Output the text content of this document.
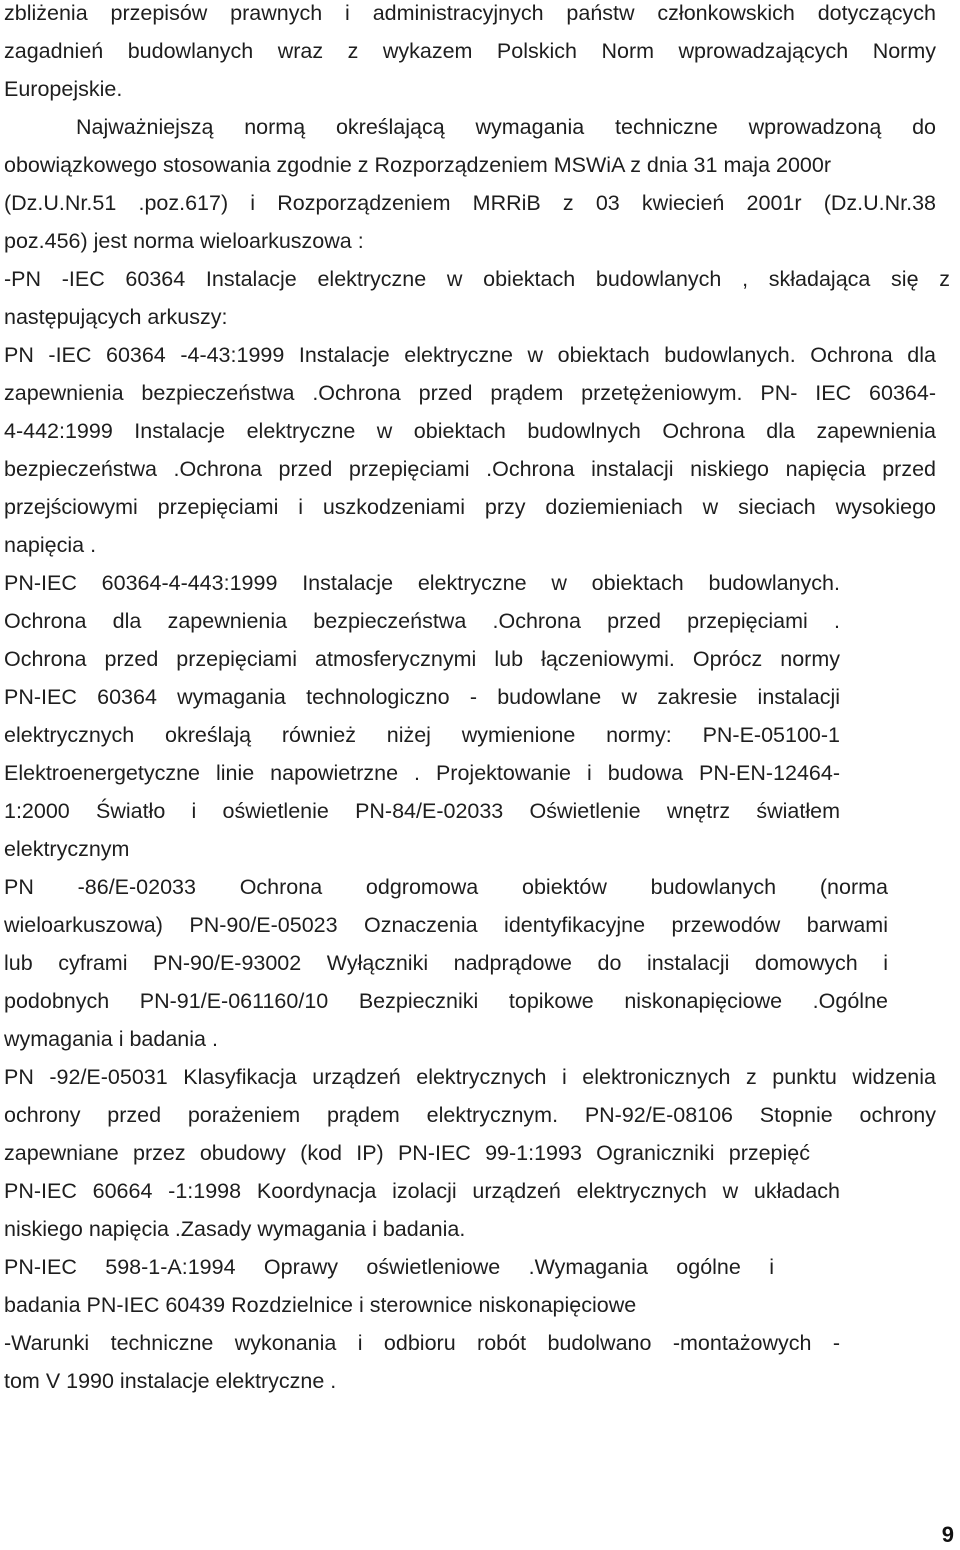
zbliżenia przepisów prawnych i administracyjnych państw członkowskich dotyczących
zagadnień budowlanych wraz z wykazem Polskich Norm wprowadzających Normy
Europejskie.
Najważniejszą normą określającą wymagania techniczne wprowadzoną do
obowiązkowego stosowania zgodnie z Rozporządzeniem MSWiA z dnia 31 maja 2000r
(Dz.U.Nr.51 .poz.617) i Rozporządzeniem MRRiB z 03 kwiecień 2001r (Dz.U.Nr.38
poz.456) jest norma wieloarkuszowa :
-PN -IEC 60364 Instalacje elektryczne w obiektach budowlanych , składająca się z
następujących arkuszy:
PN -IEC 60364 -4-43:1999 Instalacje elektryczne w obiektach budowlanych. Ochrona dla
zapewnienia bezpieczeństwa .Ochrona przed prądem przetężeniowym. PN- IEC 60364-
4-442:1999 Instalacje elektryczne w obiektach budowlnych Ochrona dla zapewnienia
bezpieczeństwa .Ochrona przed przepięciami .Ochrona instalacji niskiego napięcia przed
przejściowymi przepięciami i uszkodzeniami przy doziemieniach w sieciach wysokiego
napięcia .
PN-IEC 60364-4-443:1999 Instalacje elektryczne w obiektach budowlanych.
Ochrona dla zapewnienia bezpieczeństwa .Ochrona przed przepięciami .
Ochrona przed przepięciami atmosferycznymi lub łączeniowymi. Oprócz normy
PN-IEC 60364 wymagania technologiczno - budowlane w zakresie instalacji
elektrycznych określają również niżej wymienione normy: PN-E-05100-1
Elektroenergetyczne linie napowietrzne . Projektowanie i budowa PN-EN-12464-
1:2000 Światło i oświetlenie PN-84/E-02033 Oświetlenie wnętrz światłem
elektrycznym
PN -86/E-02033 Ochrona odgromowa obiektów budowlanych (norma
wieloarkuszowa) PN-90/E-05023 Oznaczenia identyfikacyjne przewodów barwami
lub cyframi PN-90/E-93002 Wyłączniki nadprądowe do instalacji domowych i
podobnych PN-91/E-061160/10 Bezpieczniki topikowe niskonapięciowe .Ogólne
wymagania i badania .
PN -92/E-05031 Klasyfikacja urządzeń elektrycznych i elektronicznych z punktu widzenia
ochrony przed porażeniem prądem elektrycznym. PN-92/E-08106 Stopnie ochrony
zapewniane przez obudowy (kod IP) PN-IEC 99-1:1993 Ograniczniki przepięć
PN-IEC 60664 -1:1998 Koordynacja izolacji urządzeń elektrycznych w układach
niskiego napięcia .Zasady wymagania i badania.
PN-IEC 598-1-A:1994 Oprawy oświetleniowe .Wymagania ogólne i
badania PN-IEC 60439 Rozdzielnice i sterownice niskonapięciowe
-Warunki techniczne wykonania i odbioru robót budolwano -montażowych -
tom V 1990 instalacje elektryczne .
9
